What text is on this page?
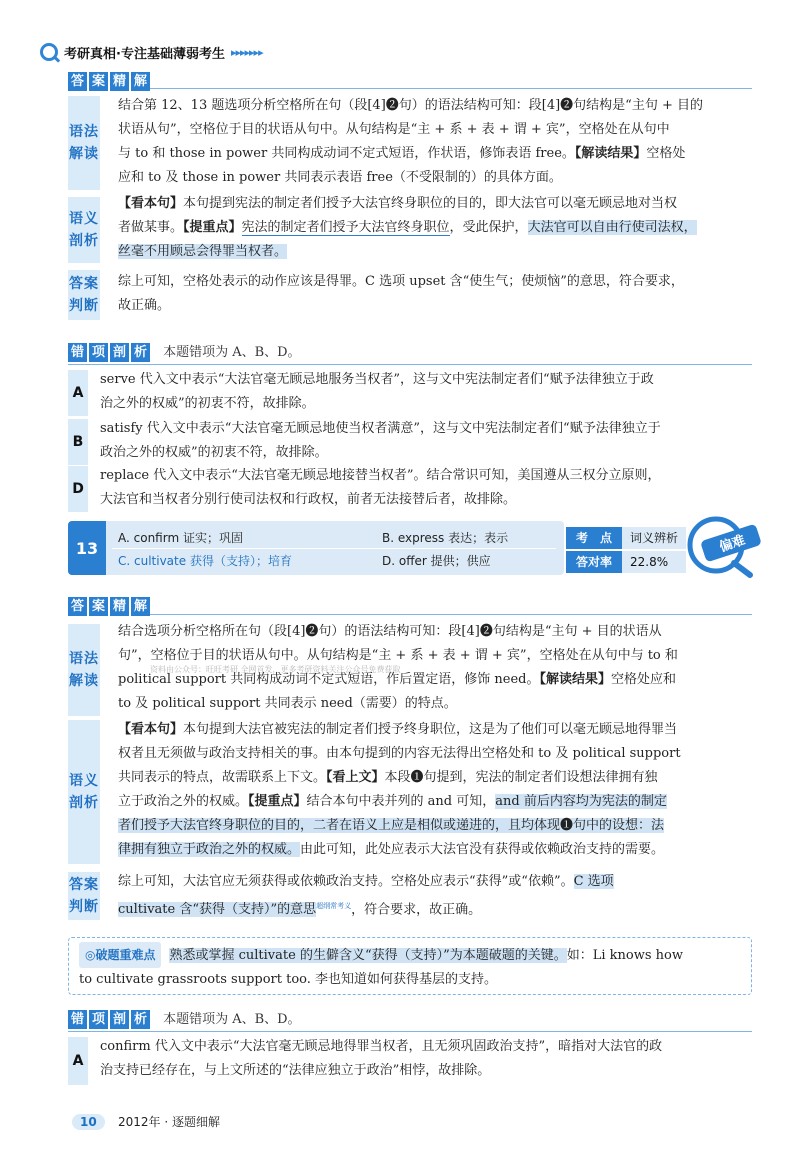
考研真相·专注基础薄弱考生 ▸▸▸▸▸▸▸
答 案 精 解
语法解读
结合第 12、13 题选项分析空格所在句（段[4]❷句）的语法结构可知：段[4]❷句结构是“主句 + 目的
状语从句”，空格位于目的状语从句中。从句结构是“主 + 系 + 表 + 谓 + 宾”，空格处在从句中
与 to 和 those in power 共同构成动词不定式短语，作状语，修饰表语 free。【解读结果】空格处
应和 to 及 those in power 共同表示表语 free（不受限制的）的具体方面。
语义剖析
【看本句】本句提到宪法的制定者们授予大法官终身职位的目的，即大法官可以毫无顾忌地对当权
者做某事。【提重点】宪法的制定者们授予大法官终身职位，受此保护，大法官可以自由行使司法权，
丝毫不用顾忌会得罪当权者。
答案判断
综上可知，空格处表示的动作应该是得罪。C 选项 upset 含“使生气；使烦恼”的意思，符合要求，
故正确。
错 项 剖 析 本题错项为 A、B、D。
A
serve 代入文中表示“大法官毫无顾忌地服务当权者”，这与文中宪法制定者们“赋予法律独立于政
治之外的权威”的初衷不符，故排除。
B
satisfy 代入文中表示“大法官毫无顾忌地使当权者满意”，这与文中宪法制定者们“赋予法律独立于
政治之外的权威”的初衷不符，故排除。
D
replace 代入文中表示“大法官毫无顾忌地接替当权者”。结合常识可知，美国遵从三权分立原则，
大法官和当权者分别行使司法权和行政权，前者无法接替后者，故排除。
13
A. confirm 证实；巩固	B. express 表达；表示
C. cultivate 获得（支持）；培育	D. offer 提供；供应
考　点	词义辨析
答对率	22.8%
偏难
答 案 精 解
语法解读
结合选项分析空格所在句（段[4]❷句）的语法结构可知：段[4]❷句结构是“主句 + 目的状语从
句”，空格位于目的状语从句中。从句结构是“主 + 系 + 表 + 谓 + 宾”，空格处在从句中与 to 和
political support 共同构成动词不定式短语，作后置定语，修饰 need。【解读结果】空格处应和
to 及 political support 共同表示 need（需要）的特点。
资料由公众号：旺旺考研 全网首发，更多考研资料关注公众号免费获取
语义剖析
【看本句】本句提到大法官被宪法的制定者们授予终身职位，这是为了他们可以毫无顾忌地得罪当
权者且无须做与政治支持相关的事。由本句提到的内容无法得出空格处和 to 及 political support
共同表示的特点，故需联系上下文。【看上文】本段❶句提到，宪法的制定者们设想法律拥有独
立于政治之外的权威。【提重点】结合本句中表并列的 and 可知，and 前后内容均为宪法的制定
者们授予大法官终身职位的目的，二者在语义上应是相似或递进的，且均体现❶句中的设想：法
律拥有独立于政治之外的权威。由此可知，此处应表示大法官没有获得或依赖政治支持的需要。
答案判断
综上可知，大法官应无须获得或依赖政治支持。空格处应表示“获得”或“依赖”。C 选项
cultivate 含“获得（支持）”的意思$^{超纲常考义}$，符合要求，故正确。
◎破题重难点 熟悉或掌握 cultivate 的生僻含义“获得（支持）”为本题破题的关键。如：Li knows how
to cultivate grassroots support too. 李也知道如何获得基层的支持。
错 项 剖 析 本题错项为 A、B、D。
A
confirm 代入文中表示“大法官毫无顾忌地得罪当权者，且无须巩固政治支持”，暗指对大法官的政
治支持已经存在，与上文所述的“法律应独立于政治”相悖，故排除。
10	2012年 · 逐题细解
